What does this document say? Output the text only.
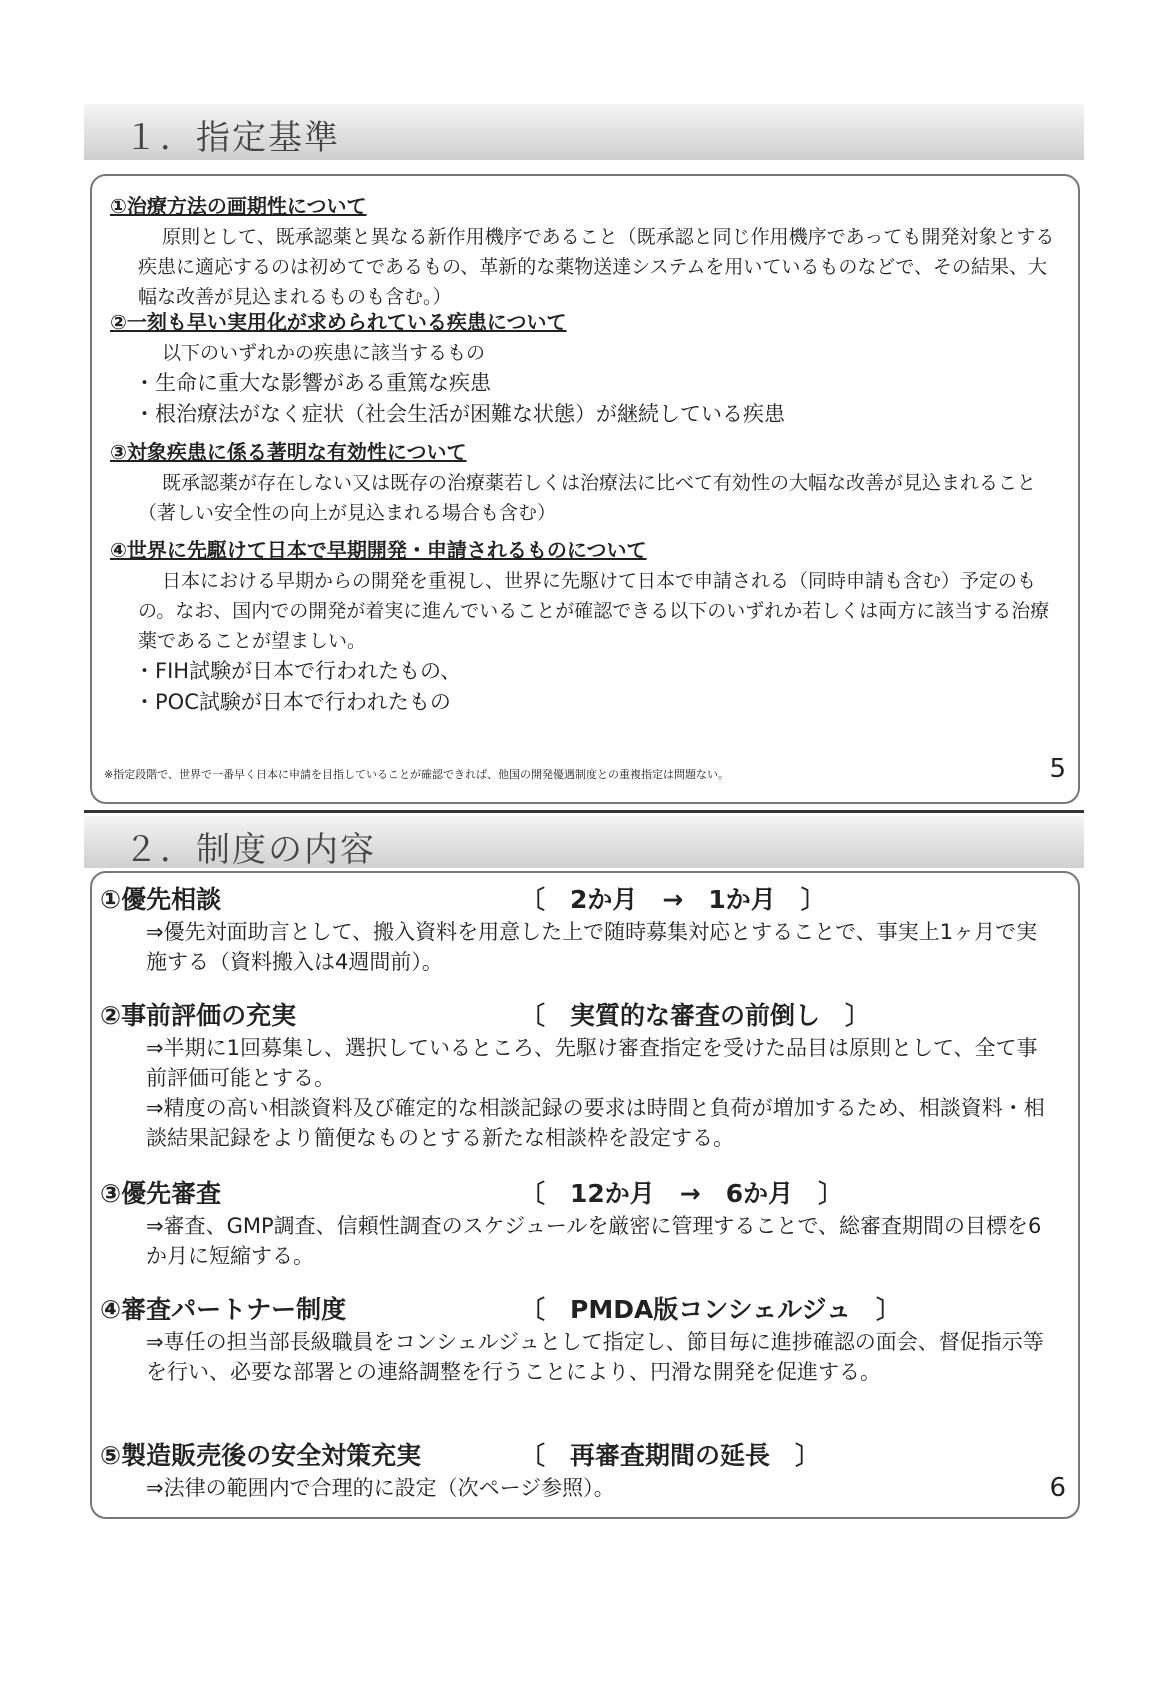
１．指定基準
①治療方法の画期性について
原則として、既承認薬と異なる新作用機序であること（既承認と同じ作用機序であっても開発対象とする疾患に適応するのは初めてであるもの、革新的な薬物送達システムを用いているものなどで、その結果、大幅な改善が見込まれるものも含む。）
②一刻も早い実用化が求められている疾患について
以下のいずれかの疾患に該当するもの
・生命に重大な影響がある重篤な疾患
・根治療法がなく症状（社会生活が困難な状態）が継続している疾患
③対象疾患に係る著明な有効性について
既承認薬が存在しない又は既存の治療薬若しくは治療法に比べて有効性の大幅な改善が見込まれること（著しい安全性の向上が見込まれる場合も含む）
④世界に先駆けて日本で早期開発・申請されるものについて
日本における早期からの開発を重視し、世界に先駆けて日本で申請される（同時申請も含む）予定のもの。なお、国内での開発が着実に進んでいることが確認できる以下のいずれか若しくは両方に該当する治療薬であることが望ましい。
・FIH試験が日本で行われたもの、
・POC試験が日本で行われたもの
※指定段階で、世界で一番早く日本に申請を目指していることが確認できれば、他国の開発優遇制度との重複指定は問題ない。	5
２．制度の内容
①優先相談	〔　2か月　→　1か月　〕
⇒優先対面助言として、搬入資料を用意した上で随時募集対応とすることで、事実上1ヶ月で実施する（資料搬入は4週間前）。
②事前評価の充実	〔　実質的な審査の前倒し　〕
⇒半期に1回募集し、選択しているところ、先駆け審査指定を受けた品目は原則として、全て事前評価可能とする。
⇒精度の高い相談資料及び確定的な相談記録の要求は時間と負荷が増加するため、相談資料・相談結果記録をより簡便なものとする新たな相談枠を設定する。
③優先審査	〔　12か月　→　6か月　〕
⇒審査、GMP調査、信頼性調査のスケジュールを厳密に管理することで、総審査期間の目標を6か月に短縮する。
④審査パートナー制度	〔　PMDA版コンシェルジュ　〕
⇒専任の担当部長級職員をコンシェルジュとして指定し、節目毎に進捗確認の面会、督促指示等を行い、必要な部署との連絡調整を行うことにより、円滑な開発を促進する。
⑤製造販売後の安全対策充実	〔　再審査期間の延長　〕
⇒法律の範囲内で合理的に設定（次ページ参照）。	6
